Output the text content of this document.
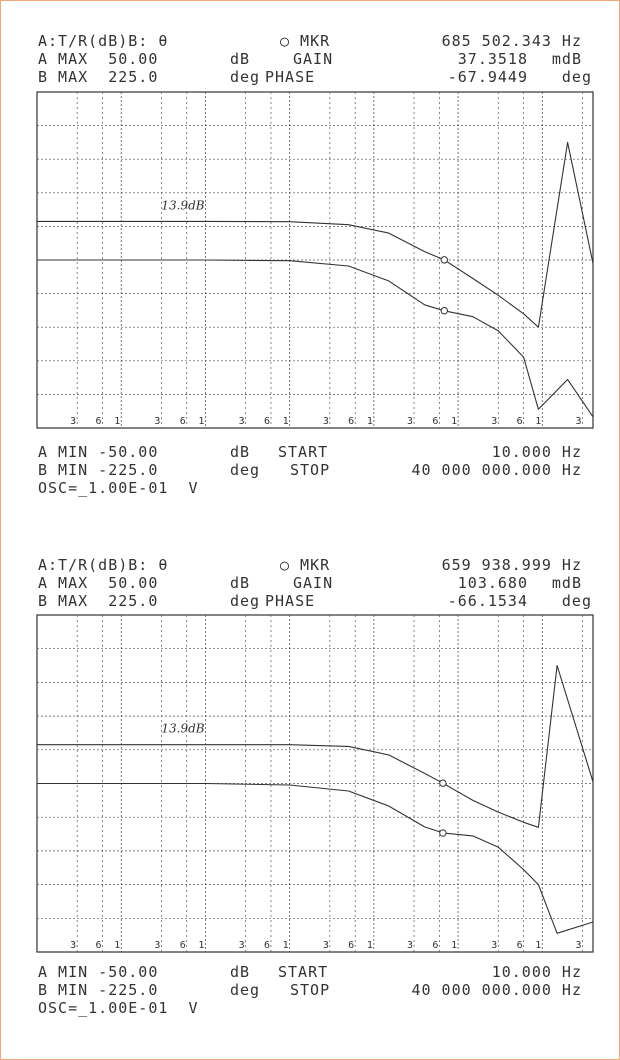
A:T/R(dB)B: θ	○ MKR	685 502.343 Hz
A MAX  50.00	dB	GAIN	37.3518 mdB
B MAX  225.0	deg PHASE	-67.9449 deg
3 6 1	3 6 1	3 6 1	3 6 1	3 6 1	3 6 1	3
13.9dB
A MIN -50.00	dB START	10.000 Hz
B MIN -225.0	deg STOP	40 000 000.000 Hz
OSC=_1.00E-01  V
A:T/R(dB)B: θ	○ MKR	659 938.999 Hz
A MAX  50.00	dB	GAIN	103.680 mdB
B MAX  225.0	deg PHASE	-66.1534 deg
3 6 1	3 6 1	3 6 1	3 6 1	3 6 1	3 6 1	3
13.9dB
A MIN -50.00	dB START	10.000 Hz
B MIN -225.0	deg STOP	40 000 000.000 Hz
OSC=_1.00E-01  V
